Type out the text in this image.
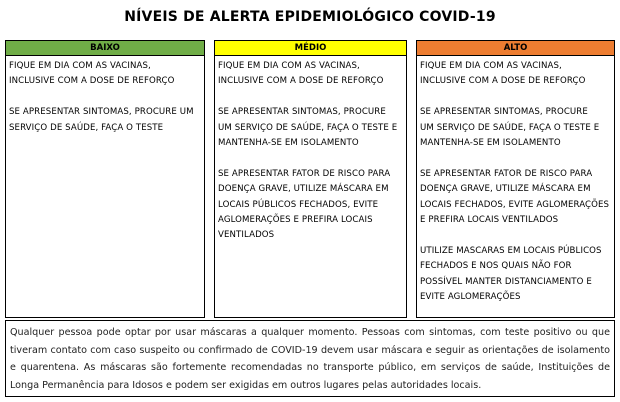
NÍVEIS DE ALERTA EPIDEMIOLÓGICO COVID-19
BAIXO

FIQUE EM DIA COM AS VACINAS,
INCLUSIVE COM A DOSE DE REFORÇO

SE APRESENTAR SINTOMAS, PROCURE UM
SERVIÇO DE SAÚDE, FAÇA O TESTE

MÉDIO

FIQUE EM DIA COM AS VACINAS,
INCLUSIVE COM A DOSE DE REFORÇO

SE APRESENTAR SINTOMAS, PROCURE
UM SERVIÇO DE SAÚDE, FAÇA O TESTE E
MANTENHA-SE EM ISOLAMENTO

SE APRESENTAR FATOR DE RISCO PARA
DOENÇA GRAVE, UTILIZE MÁSCARA EM
LOCAIS PÚBLICOS FECHADOS, EVITE
AGLOMERAÇÕES E PREFIRA LOCAIS
VENTILADOS

ALTO

FIQUE EM DIA COM AS VACINAS,
INCLUSIVE COM A DOSE DE REFORÇO

SE APRESENTAR SINTOMAS, PROCURE
UM SERVIÇO DE SAÚDE, FAÇA O TESTE E
MANTENHA-SE EM ISOLAMENTO

SE APRESENTAR FATOR DE RISCO PARA
DOENÇA GRAVE, UTILIZE MÁSCARA EM
LOCAIS FECHADOS, EVITE AGLOMERAÇÕES
E PREFIRA LOCAIS VENTILADOS

UTILIZE MASCARAS EM LOCAIS PÚBLICOS
FECHADOS E NOS QUAIS NÃO FOR
POSSÍVEL MANTER DISTANCIAMENTO E
EVITE AGLOMERAÇÕES

Qualquer pessoa pode optar por usar máscaras a qualquer momento. Pessoas com sintomas, com teste positivo ou que tiveram contato com caso suspeito ou confirmado de COVID-19 devem usar máscara e seguir as orientações de isolamento e quarentena. As máscaras são fortemente recomendadas no transporte público, em serviços de saúde, Instituições de Longa Permanência para Idosos e podem ser exigidas em outros lugares pelas autoridades locais.
